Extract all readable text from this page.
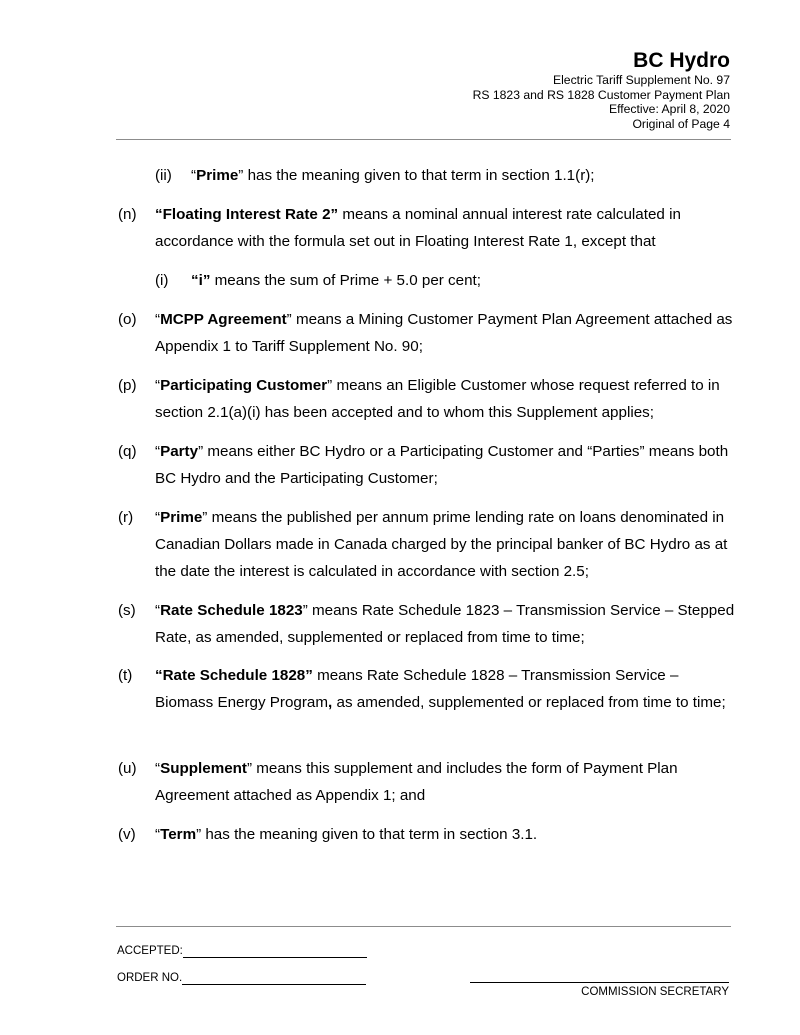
BC Hydro
Electric Tariff Supplement No. 97
RS 1823 and RS 1828 Customer Payment Plan
Effective: April 8, 2020
Original of Page 4
(ii) “Prime” has the meaning given to that term in section 1.1(r);
(n) “Floating Interest Rate 2” means a nominal annual interest rate calculated in accordance with the formula set out in Floating Interest Rate 1, except that
(i) “i” means the sum of Prime + 5.0 per cent;
(o) “MCPP Agreement” means a Mining Customer Payment Plan Agreement attached as Appendix 1 to Tariff Supplement No. 90;
(p) “Participating Customer” means an Eligible Customer whose request referred to in section 2.1(a)(i) has been accepted and to whom this Supplement applies;
(q) “Party” means either BC Hydro or a Participating Customer and “Parties” means both BC Hydro and the Participating Customer;
(r) “Prime” means the published per annum prime lending rate on loans denominated in Canadian Dollars made in Canada charged by the principal banker of BC Hydro as at the date the interest is calculated in accordance with section 2.5;
(s) “Rate Schedule 1823” means Rate Schedule 1823 – Transmission Service – Stepped Rate, as amended, supplemented or replaced from time to time;
(t) “Rate Schedule 1828” means Rate Schedule 1828 – Transmission Service – Biomass Energy Program, as amended, supplemented or replaced from time to time;
(u) “Supplement” means this supplement and includes the form of Payment Plan Agreement attached as Appendix 1; and
(v) “Term” has the meaning given to that term in section 3.1.
ACCEPTED:
ORDER NO.
COMMISSION SECRETARY
